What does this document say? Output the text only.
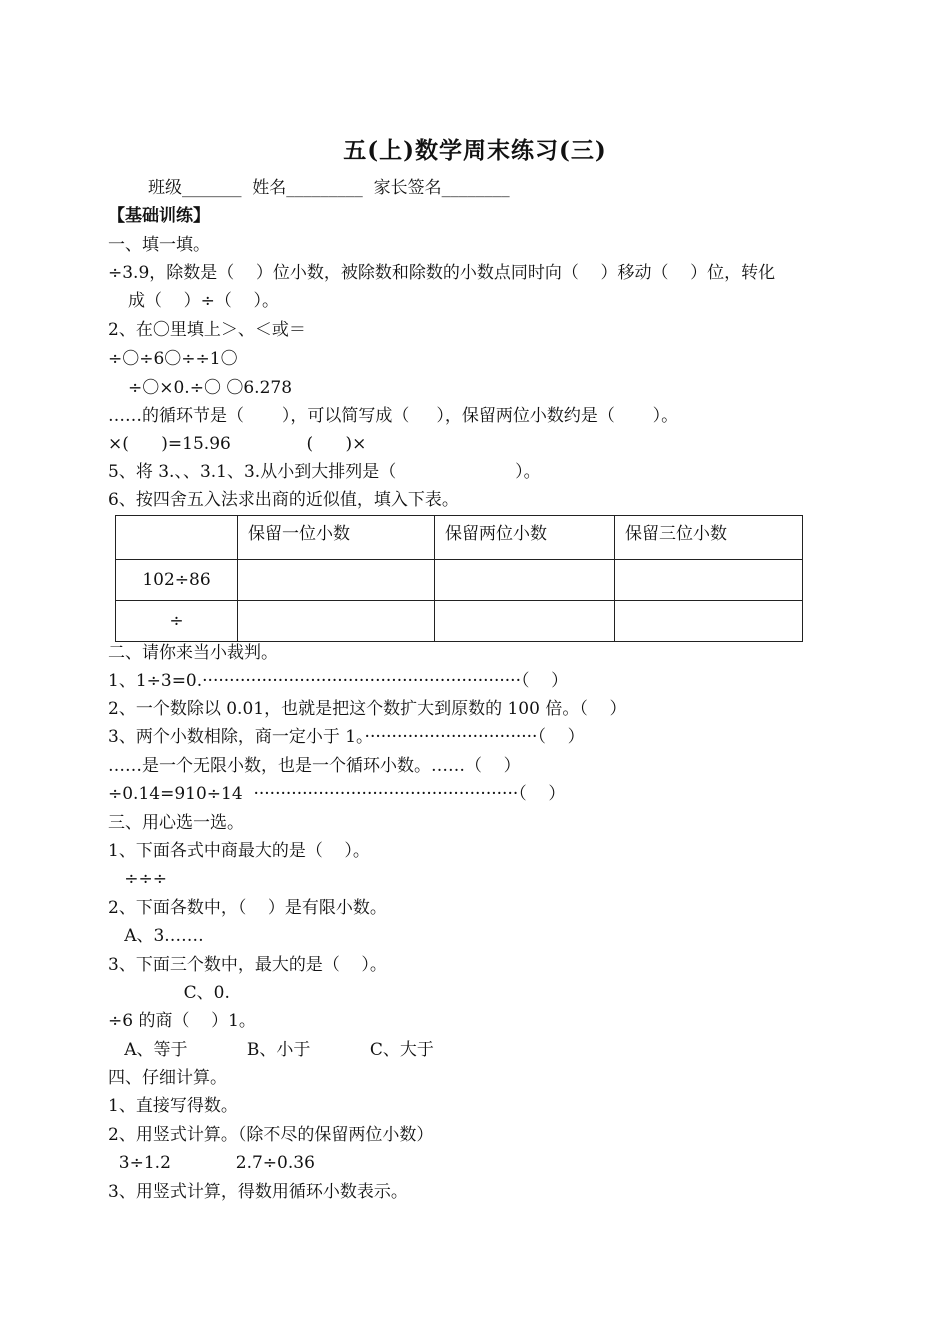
五(上)数学周末练习(三)
班级_______  姓名_________  家长签名________
【基础训练】
一、填一填。
÷3.9，除数是（    ）位小数，被除数和除数的小数点同时向（    ）移动（    ）位，转化
成（    ）÷（    ）。
2、在〇里填上＞、＜或＝
÷〇÷6〇÷÷1〇
÷〇×0.÷〇 〇6.278
……的循环节是（       ），可以简写成（     ），保留两位小数约是（       ）。
×(      )=15.96              (      )×
5、将 3.、、3.1、3.从小到大排列是（                      ）。
6、按四舍五入法求出商的近似值，填入下表。
	保留一位小数	保留两位小数	保留三位小数
102÷86			
÷			
二、请你来当小裁判。
1、1÷3=0.···························································（    ）
2、一个数除以 0.01，也就是把这个数扩大到原数的 100 倍。（    ）
3、两个小数相除，商一定小于 1。································（    ）
……是一个无限小数，也是一个循环小数。……（    ）
÷0.14=910÷14  ·················································（    ）
三、用心选一选。
1、下面各式中商最大的是（    ）。
÷÷÷
2、下面各数中，（    ）是有限小数。
A、3.……
3、下面三个数中，最大的是（    ）。
C、0.
÷6 的商（    ）1。
A、等于           B、小于           C、大于
四、仔细计算。
1、直接写得数。
2、用竖式计算。（除不尽的保留两位小数）
3÷1.2            2.7÷0.36
3、用竖式计算，得数用循环小数表示。
